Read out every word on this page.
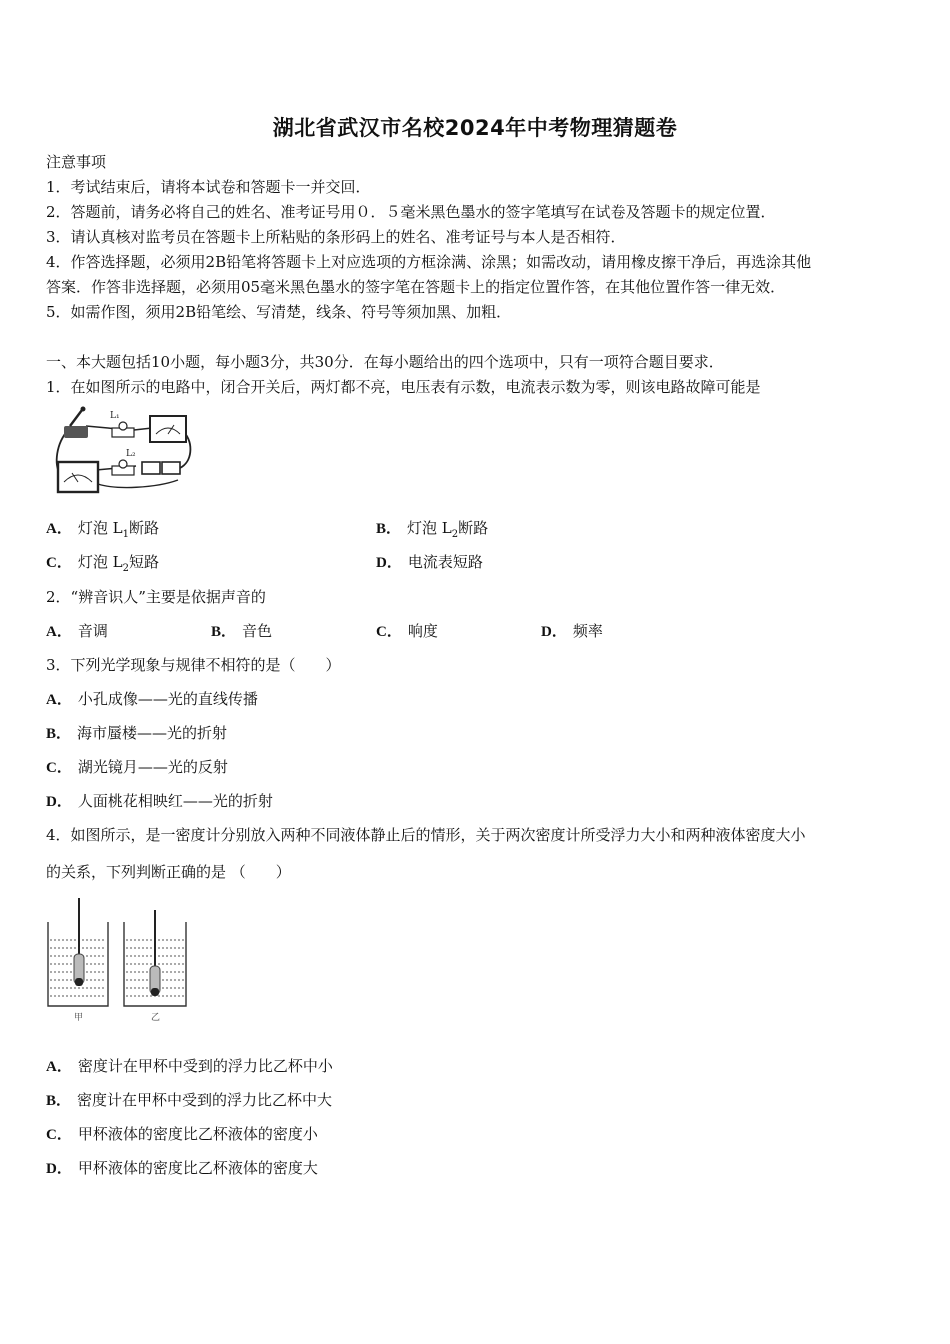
湖北省武汉市名校2024年中考物理猜题卷
注意事项
1．考试结束后，请将本试卷和答题卡一并交回．
2．答题前，请务必将自己的姓名、准考证号用０．５毫米黑色墨水的签字笔填写在试卷及答题卡的规定位置．
3．请认真核对监考员在答题卡上所粘贴的条形码上的姓名、准考证号与本人是否相符．
4．作答选择题，必须用2B铅笔将答题卡上对应选项的方框涂满、涂黑；如需改动，请用橡皮擦干净后，再选涂其他
答案．作答非选择题，必须用05毫米黑色墨水的签字笔在答题卡上的指定位置作答，在其他位置作答一律无效．
5．如需作图，须用2B铅笔绘、写清楚，线条、符号等须加黑、加粗．
一、本大题包括10小题，每小题3分，共30分．在每小题给出的四个选项中，只有一项符合题目要求．
1．在如图所示的电路中，闭合开关后，两灯都不亮，电压表有示数，电流表示数为零，则该电路故障可能是
L₁
L₂
A． 灯泡 $L_1$断路	B． 灯泡 $L_2$断路
C． 灯泡 $L_2$短路	D． 电流表短路
2．“辨音识人”主要是依据声音的
A． 音调	B． 音色	C． 响度	D． 频率
3．下列光学现象与规律不相符的是（　　）
A． 小孔成像——光的直线传播
B． 海市蜃楼——光的折射
C． 湖光镜月——光的反射
D． 人面桃花相映红——光的折射
4．如图所示，是一密度计分别放入两种不同液体静止后的情形，关于两次密度计所受浮力大小和两种液体密度大小
的关系，下列判断正确的是 （　　）
甲	乙
A． 密度计在甲杯中受到的浮力比乙杯中小
B． 密度计在甲杯中受到的浮力比乙杯中大
C． 甲杯液体的密度比乙杯液体的密度小
D． 甲杯液体的密度比乙杯液体的密度大
